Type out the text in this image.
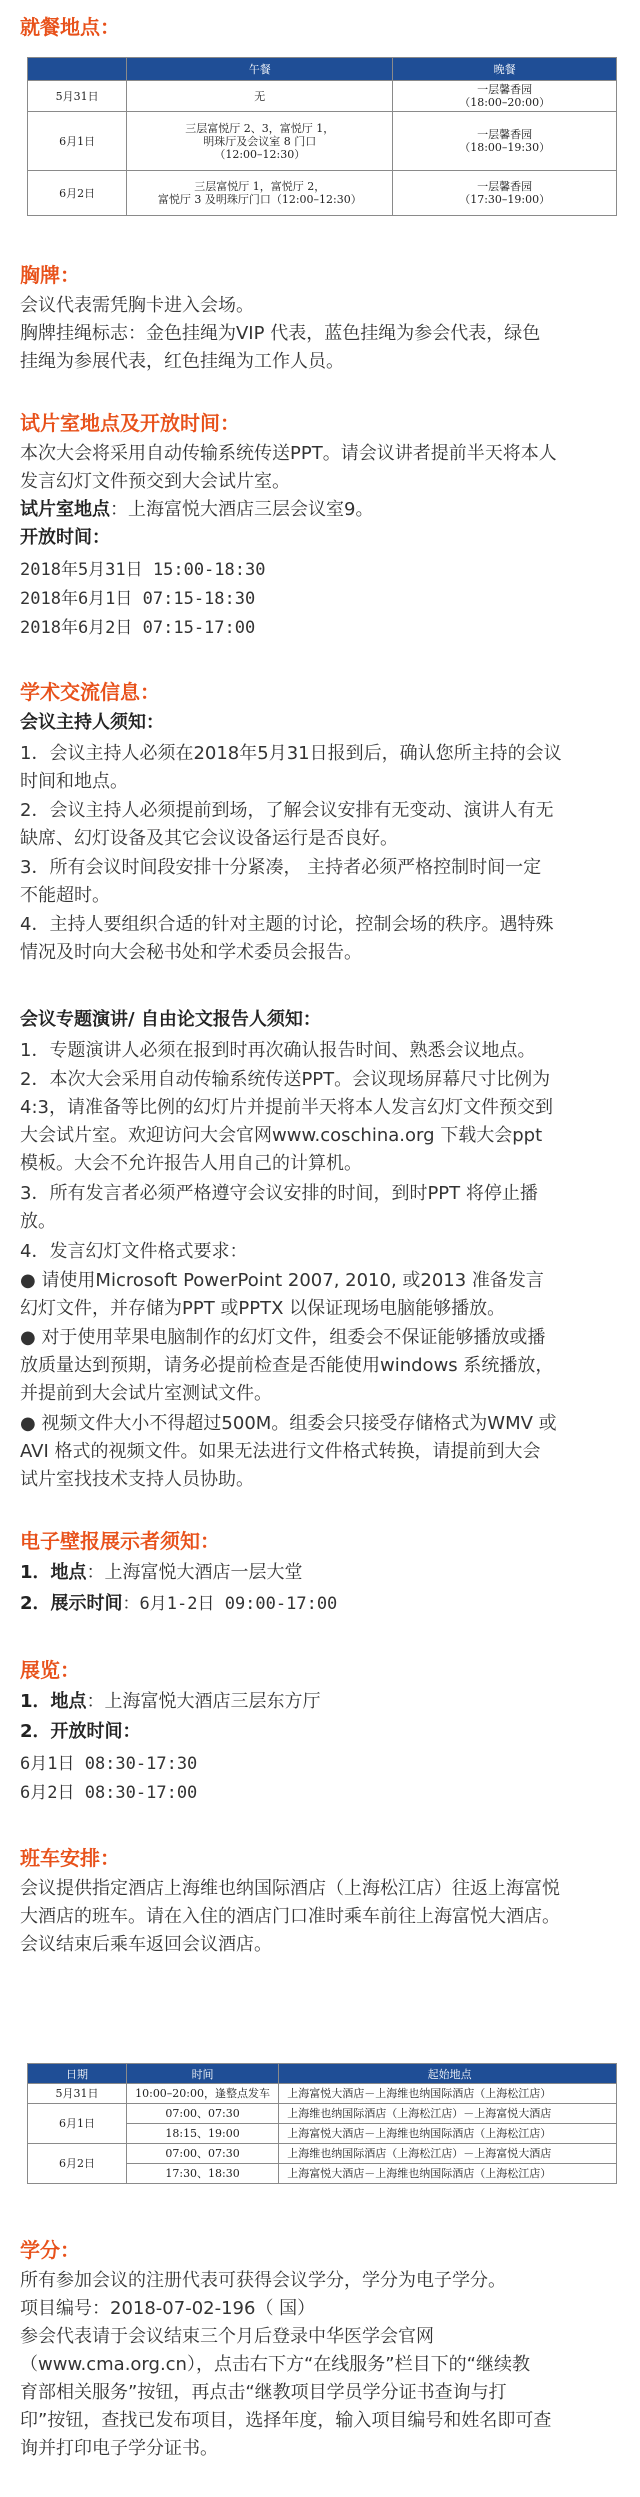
就餐地点：
	午餐	晚餐
5月31日	无	一层馨香园
（18:00–20:00）
6月1日	三层富悦厅 2、3，富悦厅 1，
明珠厅及会议室 8 门口
（12:00–12:30）	一层馨香园
（18:00–19:30）
6月2日	三层富悦厅 1，富悦厅 2，
富悦厅 3 及明珠厅门口（12:00–12:30）	一层馨香园
（17:30–19:00）
胸牌：

会议代表需凭胸卡进入会场。

胸牌挂绳标志：金色挂绳为VIP 代表，蓝色挂绳为参会代表，绿色

挂绳为参展代表，红色挂绳为工作人员。

试片室地点及开放时间：

本次大会将采用自动传输系统传送PPT。请会议讲者提前半天将本人

发言幻灯文件预交到大会试片室。

试片室地点：上海富悦大酒店三层会议室9。

开放时间：

2018年5月31日 15:00-18:30

2018年6月1日 07:15-18:30

2018年6月2日 07:15-17:00

学术交流信息：

会议主持人须知：

1．会议主持人必须在2018年5月31日报到后，确认您所主持的会议

时间和地点。

2．会议主持人必须提前到场，了解会议安排有无变动、演讲人有无

缺席、幻灯设备及其它会议设备运行是否良好。

3．所有会议时间段安排十分紧凑， 主持者必须严格控制时间一定

不能超时。

4．主持人要组织合适的针对主题的讨论，控制会场的秩序。遇特殊

情况及时向大会秘书处和学术委员会报告。

会议专题演讲/ 自由论文报告人须知：

1．专题演讲人必须在报到时再次确认报告时间、熟悉会议地点。

2．本次大会采用自动传输系统传送PPT。会议现场屏幕尺寸比例为

4:3，请准备等比例的幻灯片并提前半天将本人发言幻灯文件预交到

大会试片室。欢迎访问大会官网www.coschina.org 下载大会ppt

模板。大会不允许报告人用自己的计算机。

3．所有发言者必须严格遵守会议安排的时间，到时PPT 将停止播

放。

4．发言幻灯文件格式要求：

● 请使用Microsoft PowerPoint 2007, 2010, 或2013 准备发言

幻灯文件，并存储为PPT 或PPTX 以保证现场电脑能够播放。

● 对于使用苹果电脑制作的幻灯文件，组委会不保证能够播放或播

放质量达到预期，请务必提前检查是否能使用windows 系统播放，

并提前到大会试片室测试文件。

● 视频文件大小不得超过500M。组委会只接受存储格式为WMV 或

AVI 格式的视频文件。如果无法进行文件格式转换，请提前到大会

试片室找技术支持人员协助。

电子壁报展示者须知：

1．地点：上海富悦大酒店一层大堂

2．展示时间：6月1-2日 09:00-17:00

展览：

1．地点：上海富悦大酒店三层东方厅

2．开放时间：

6月1日 08:30-17:30

6月2日 08:30-17:00

班车安排：

会议提供指定酒店上海维也纳国际酒店（上海松江店）往返上海富悦

大酒店的班车。请在入住的酒店门口准时乘车前往上海富悦大酒店。

会议结束后乘车返回会议酒店。

日期	时间	起始地点
5月31日	10:00–20:00，逢整点发车	上海富悦大酒店－上海维也纳国际酒店（上海松江店）
6月1日	07:00、07:30	上海维也纳国际酒店（上海松江店）－上海富悦大酒店
	18:15、19:00	上海富悦大酒店－上海维也纳国际酒店（上海松江店）
6月2日	07:00、07:30	上海维也纳国际酒店（上海松江店）－上海富悦大酒店
	17:30、18:30	上海富悦大酒店－上海维也纳国际酒店（上海松江店）
学分：

所有参加会议的注册代表可获得会议学分，学分为电子学分。

项目编号：2018-07-02-196（ 国）

参会代表请于会议结束三个月后登录中华医学会官网

（www.cma.org.cn），点击右下方“在线服务”栏目下的“继续教

育部相关服务”按钮，再点击“继教项目学员学分证书查询与打

印”按钮，查找已发布项目，选择年度，输入项目编号和姓名即可查

询并打印电子学分证书。
